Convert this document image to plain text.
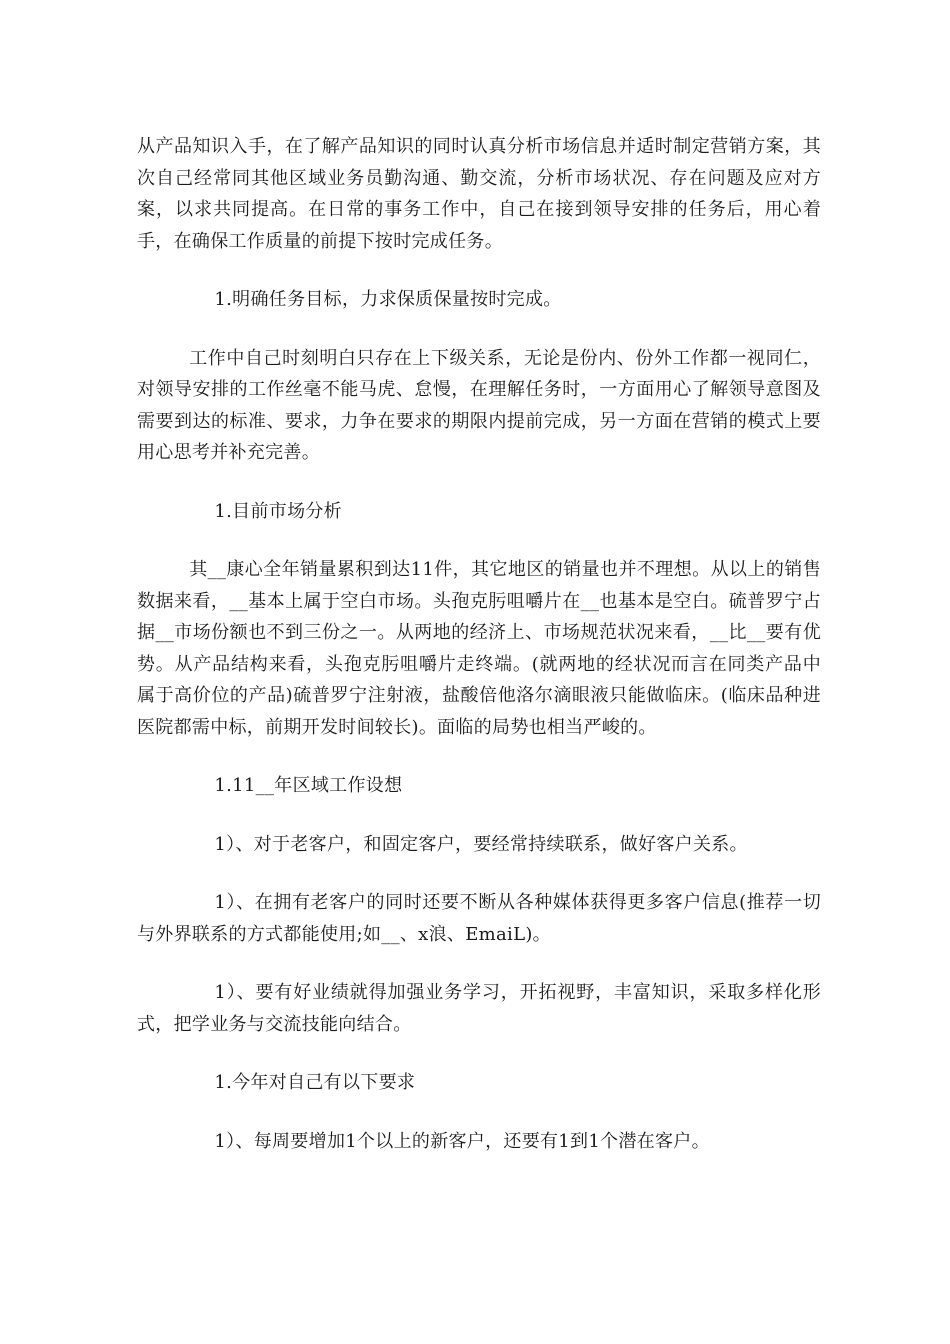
从产品知识入手，在了解产品知识的同时认真分析市场信息并适时制定营销方案，其次自己经常同其他区域业务员勤沟通、勤交流，分析市场状况、存在问题及应对方案，以求共同提高。在日常的事务工作中，自己在接到领导安排的任务后，用心着手，在确保工作质量的前提下按时完成任务。

1.明确任务目标，力求保质保量按时完成。

工作中自己时刻明白只存在上下级关系，无论是份内、份外工作都一视同仁，对领导安排的工作丝毫不能马虎、怠慢，在理解任务时，一方面用心了解领导意图及需要到达的标准、要求，力争在要求的期限内提前完成，另一方面在营销的模式上要用心思考并补充完善。

1.目前市场分析

其__康心全年销量累积到达11件，其它地区的销量也并不理想。从以上的销售数据来看，__基本上属于空白市场。头孢克肟咀嚼片在__也基本是空白。硫普罗宁占据__市场份额也不到三份之一。从两地的经济上、市场规范状况来看，__比__要有优势。从产品结构来看，头孢克肟咀嚼片走终端。(就两地的经状况而言在同类产品中属于高价位的产品)硫普罗宁注射液，盐酸倍他洛尔滴眼液只能做临床。(临床品种进医院都需中标，前期开发时间较长)。面临的局势也相当严峻的。

1.11__年区域工作设想

1）、对于老客户，和固定客户，要经常持续联系，做好客户关系。

1）、在拥有老客户的同时还要不断从各种媒体获得更多客户信息(推荐一切与外界联系的方式都能使用;如__、x浪、EmaiL)。

1）、要有好业绩就得加强业务学习，开拓视野，丰富知识，采取多样化形式，把学业务与交流技能向结合。

1.今年对自己有以下要求

1）、每周要增加1个以上的新客户，还要有1到1个潜在客户。
